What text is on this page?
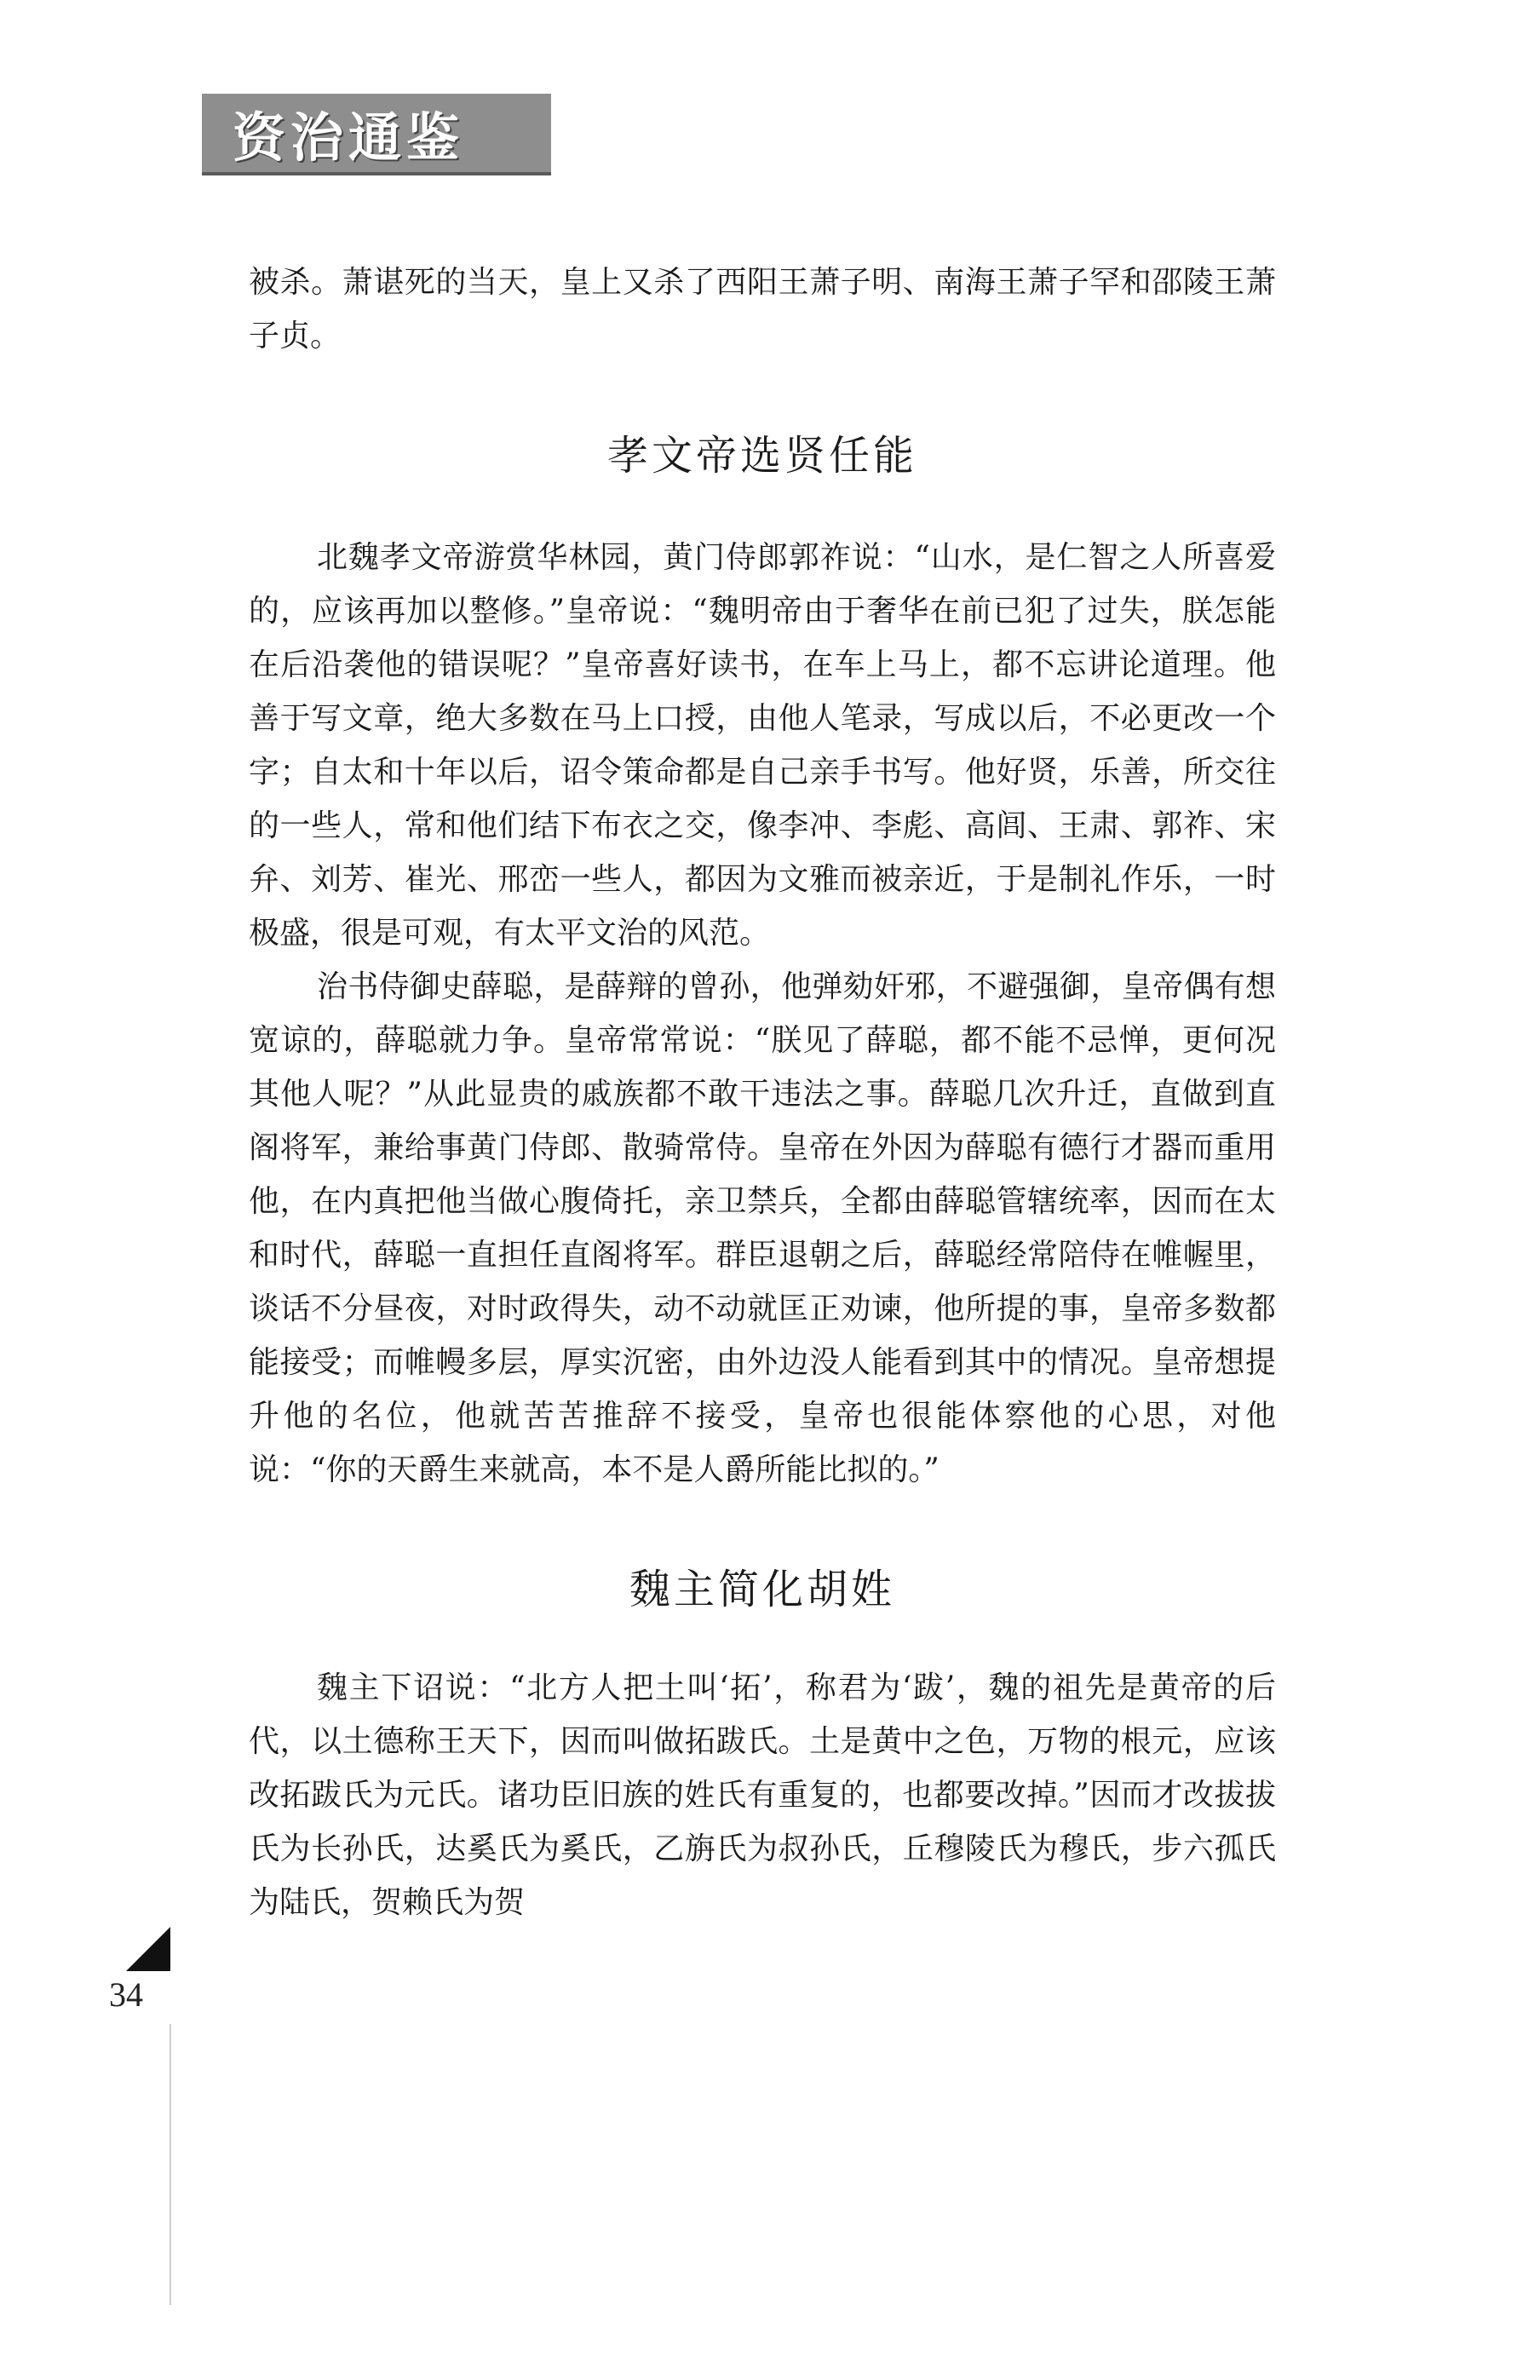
资治通鉴

被杀。萧谌死的当天，皇上又杀了西阳王萧子明、南海王萧子罕和邵陵王萧子贞。

孝文帝选贤任能

北魏孝文帝游赏华林园，黄门侍郎郭祚说：“山水，是仁智之人所喜爱的，应该再加以整修。”皇帝说：“魏明帝由于奢华在前已犯了过失，朕怎能在后沿袭他的错误呢？”皇帝喜好读书，在车上马上，都不忘讲论道理。他善于写文章，绝大多数在马上口授，由他人笔录，写成以后，不必更改一个字；自太和十年以后，诏令策命都是自己亲手书写。他好贤，乐善，所交往的一些人，常和他们结下布衣之交，像李冲、李彪、高闾、王肃、郭祚、宋弁、刘芳、崔光、邢峦一些人，都因为文雅而被亲近，于是制礼作乐，一时极盛，很是可观，有太平文治的风范。

治书侍御史薛聪，是薛辩的曾孙，他弹劾奸邪，不避强御，皇帝偶有想宽谅的，薛聪就力争。皇帝常常说：“朕见了薛聪，都不能不忌惮，更何况其他人呢？”从此显贵的戚族都不敢干违法之事。薛聪几次升迁，直做到直阁将军，兼给事黄门侍郎、散骑常侍。皇帝在外因为薛聪有德行才器而重用他，在内真把他当做心腹倚托，亲卫禁兵，全都由薛聪管辖统率，因而在太和时代，薛聪一直担任直阁将军。群臣退朝之后，薛聪经常陪侍在帷幄里，谈话不分昼夜，对时政得失，动不动就匡正劝谏，他所提的事，皇帝多数都能接受；而帷幔多层，厚实沉密，由外边没人能看到其中的情况。皇帝想提升他的名位，他就苦苦推辞不接受，皇帝也很能体察他的心思，对他说：“你的天爵生来就高，本不是人爵所能比拟的。”

魏主简化胡姓

魏主下诏说：“北方人把土叫‘拓’，称君为‘跋’，魏的祖先是黄帝的后代，以土德称王天下，因而叫做拓跋氏。土是黄中之色，万物的根元，应该改拓跋氏为元氏。诸功臣旧族的姓氏有重复的，也都要改掉。”因而才改拔拔氏为长孙氏，达奚氏为奚氏，乙旃氏为叔孙氏，丘穆陵氏为穆氏，步六孤氏为陆氏，贺赖氏为贺

34
